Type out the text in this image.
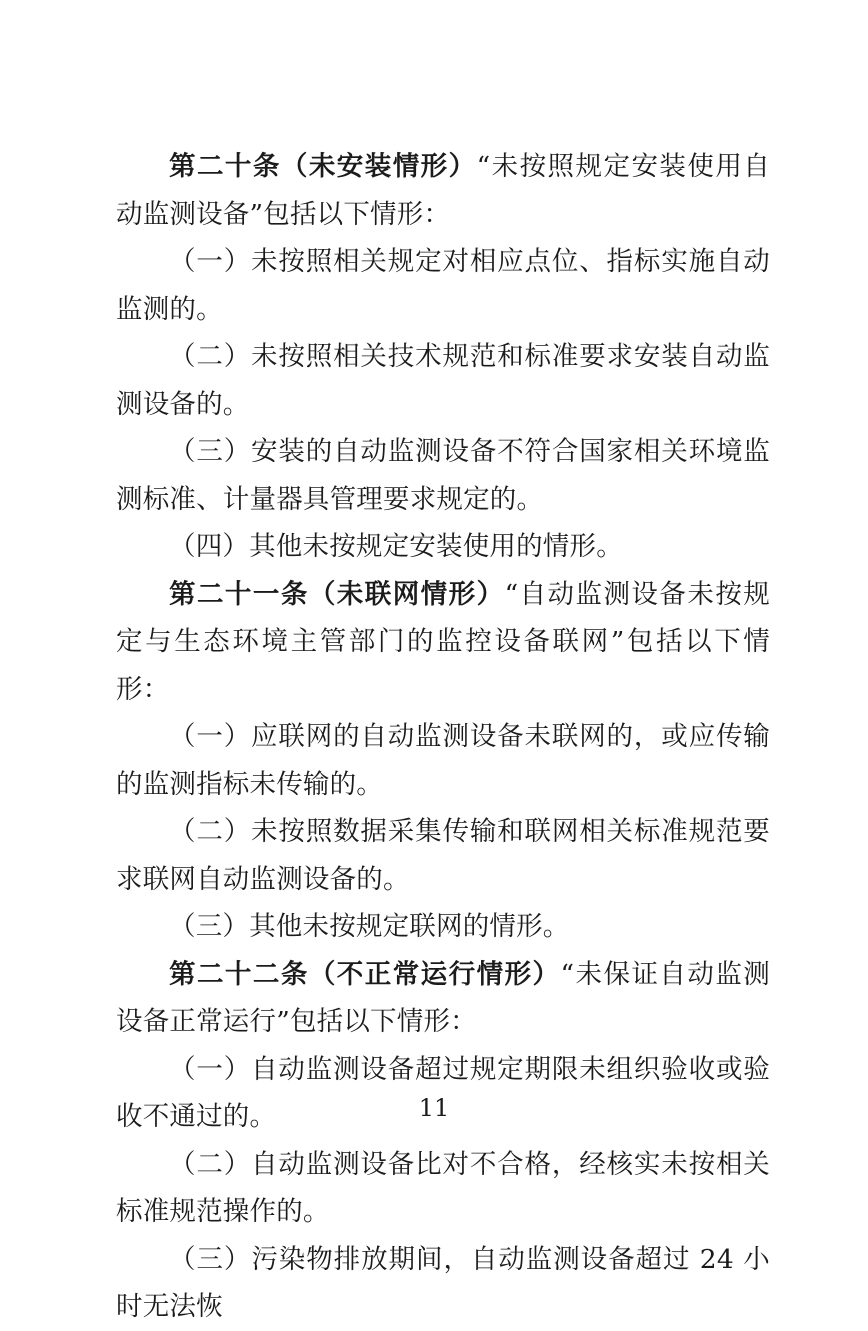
第二十条（未安装情形）“未按照规定安装使用自动监测设备”包括以下情形：

（一）未按照相关规定对相应点位、指标实施自动监测的。

（二）未按照相关技术规范和标准要求安装自动监测设备的。

（三）安装的自动监测设备不符合国家相关环境监测标准、计量器具管理要求规定的。

（四）其他未按规定安装使用的情形。

第二十一条（未联网情形）“自动监测设备未按规定与生态环境主管部门的监控设备联网”包括以下情形：

（一）应联网的自动监测设备未联网的，或应传输的监测指标未传输的。

（二）未按照数据采集传输和联网相关标准规范要求联网自动监测设备的。

（三）其他未按规定联网的情形。

第二十二条（不正常运行情形）“未保证自动监测设备正常运行”包括以下情形：

（一）自动监测设备超过规定期限未组织验收或验收不通过的。

（二）自动监测设备比对不合格，经核实未按相关标准规范操作的。

（三）污染物排放期间，自动监测设备超过 24 小时无法恢

11
